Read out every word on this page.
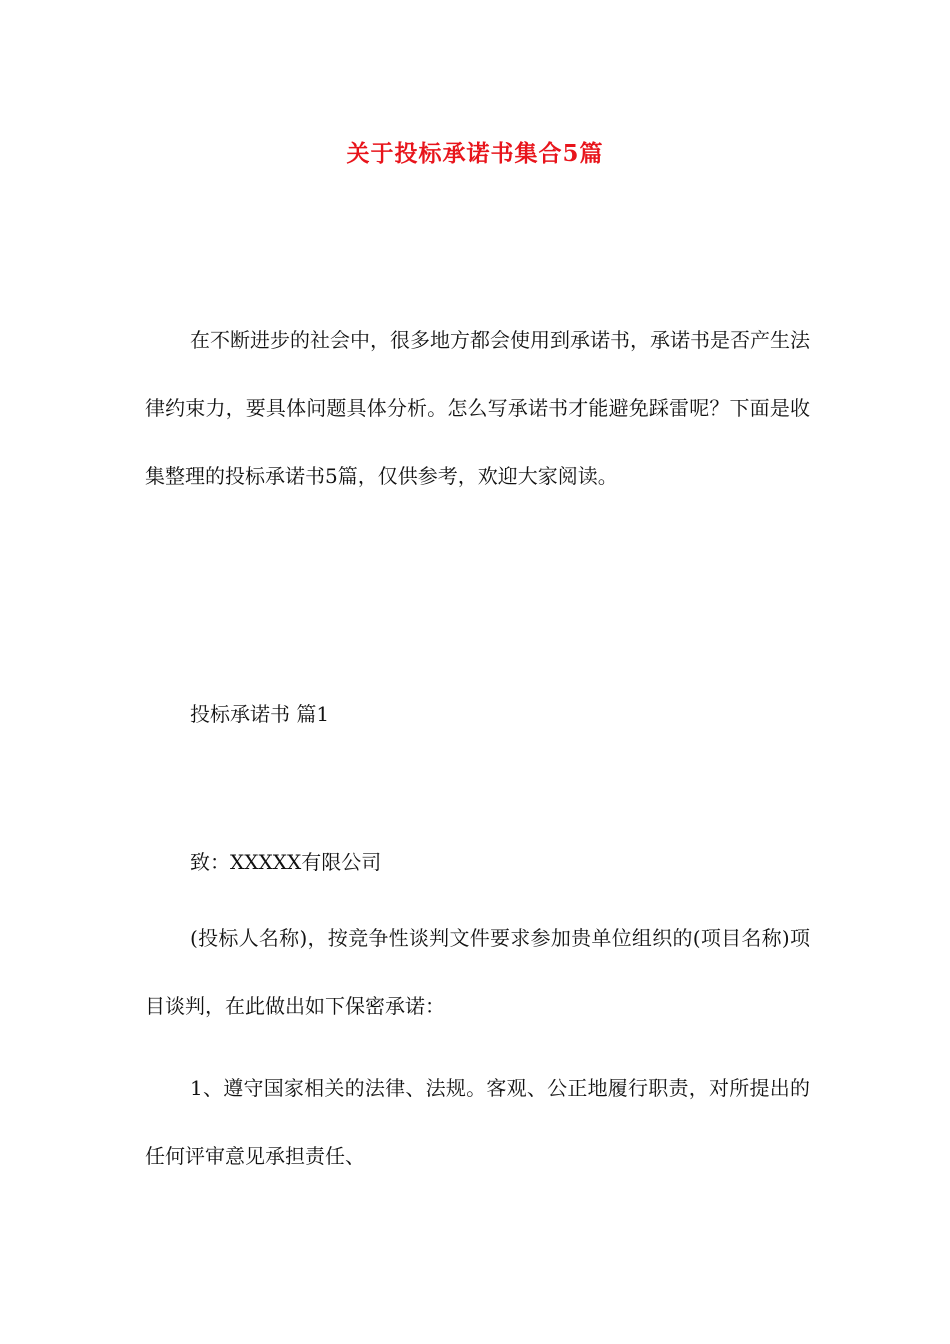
关于投标承诺书集合5篇

在不断进步的社会中，很多地方都会使用到承诺书，承诺书是否产生法律约束力，要具体问题具体分析。怎么写承诺书才能避免踩雷呢？下面是收集整理的投标承诺书5篇，仅供参考，欢迎大家阅读。

投标承诺书 篇1

致：XXXXX有限公司

(投标人名称)，按竞争性谈判文件要求参加贵单位组织的(项目名称)项目谈判，在此做出如下保密承诺：

1、遵守国家相关的法律、法规。客观、公正地履行职责，对所提出的任何评审意见承担责任、
